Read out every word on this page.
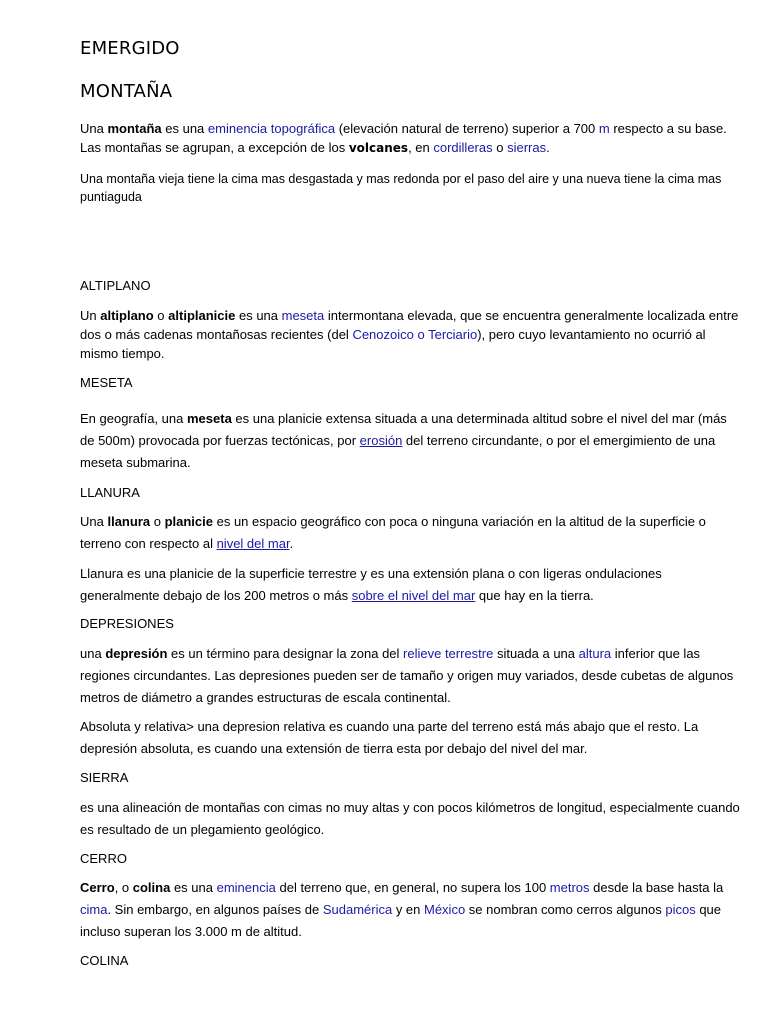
EMERGIDO
MONTAÑA

Una montaña es una eminencia topográfica (elevación natural de terreno) superior a 700 m respecto a su base.
Las montañas se agrupan, a excepción de los volcanes, en cordilleras o sierras.

Una montaña vieja tiene la cima mas desgastada y mas redonda por el paso del aire y una nueva tiene la cima mas puntiaguda

ALTIPLANO

Un altiplano o altiplanicie es una meseta intermontana elevada, que se encuentra generalmente localizada entre dos o más cadenas montañosas recientes (del Cenozoico o Terciario), pero cuyo levantamiento no ocurrió al mismo tiempo.

MESETA

En geografía, una meseta es una planicie extensa situada a una determinada altitud sobre el nivel del mar (más de 500m) provocada por fuerzas tectónicas, por erosión del terreno circundante, o por el emergimiento de una meseta submarina.

LLANURA

Una llanura o planicie es un espacio geográfico con poca o ninguna variación en la altitud de la superficie o terreno con respecto al nivel del mar.

Llanura es una planicie de la superficie terrestre y es una extensión plana o con ligeras ondulaciones generalmente debajo de los 200 metros o más sobre el nivel del mar que hay en la tierra.

DEPRESIONES

una depresión es un término para designar la zona del relieve terrestre situada a una altura inferior que las regiones circundantes. Las depresiones pueden ser de tamaño y origen muy variados, desde cubetas de algunos metros de diámetro a grandes estructuras de escala continental.

Absoluta y relativa> una depresion relativa es cuando una parte del terreno está más abajo que el resto. La depresión absoluta, es cuando una extensión de tierra esta por debajo del nivel del mar.

SIERRA

es una alineación de montañas con cimas no muy altas y con pocos kilómetros de longitud, especialmente cuando es resultado de un plegamiento geológico.

CERRO

Cerro, o colina es una eminencia del terreno que, en general, no supera los 100 metros desde la base hasta la cima. Sin embargo, en algunos países de Sudamérica y en México se nombran como cerros algunos picos que incluso superan los 3.000 m de altitud.

COLINA
